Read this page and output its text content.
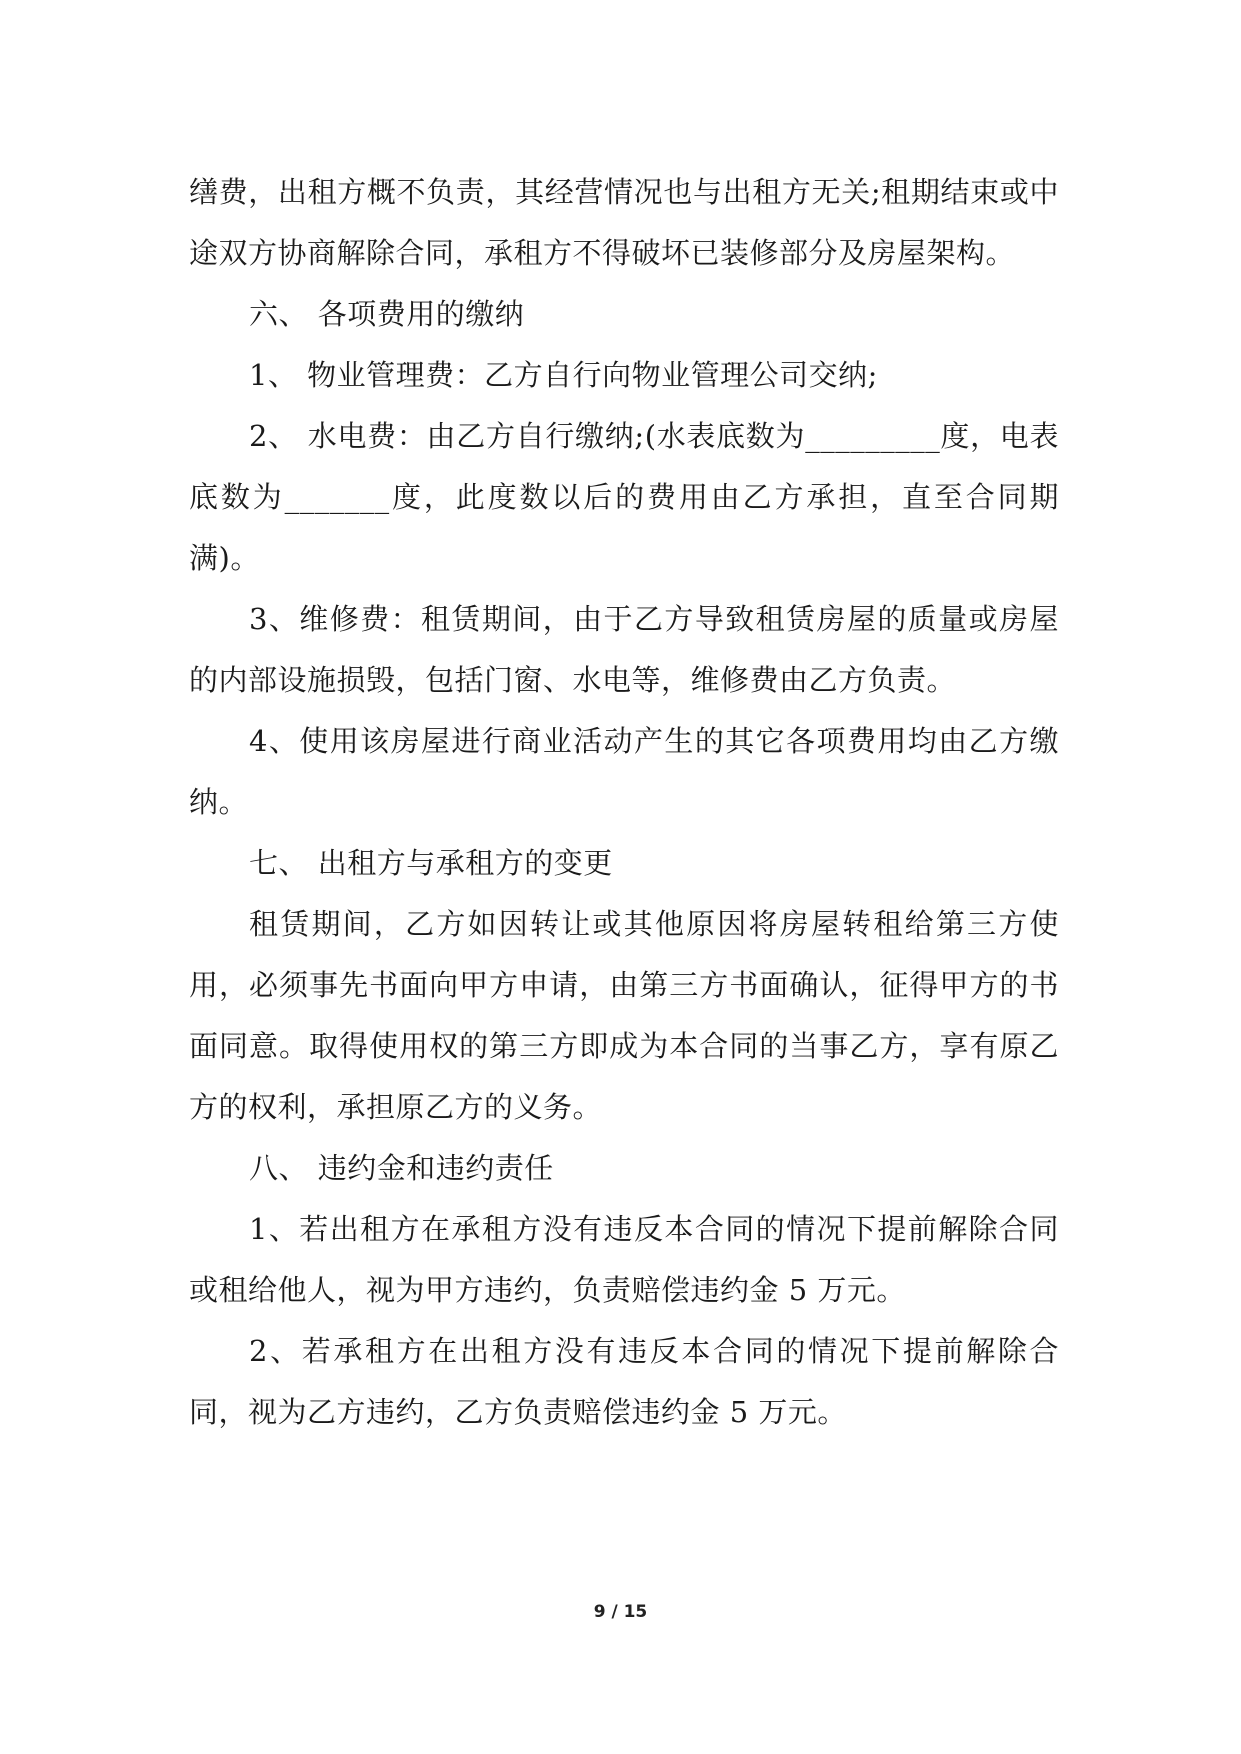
缮费，出租方概不负责，其经营情况也与出租方无关;租期结束或中途双方协商解除合同，承租方不得破坏已装修部分及房屋架构。

六、 各项费用的缴纳

1、 物业管理费：乙方自行向物业管理公司交纳;

2、 水电费：由乙方自行缴纳;(水表底数为_________度，电表底数为_______度，此度数以后的费用由乙方承担，直至合同期满)。

3、维修费：租赁期间，由于乙方导致租赁房屋的质量或房屋的内部设施损毁，包括门窗、水电等，维修费由乙方负责。

4、使用该房屋进行商业活动产生的其它各项费用均由乙方缴纳。

七、 出租方与承租方的变更

租赁期间，乙方如因转让或其他原因将房屋转租给第三方使用，必须事先书面向甲方申请，由第三方书面确认，征得甲方的书面同意。取得使用权的第三方即成为本合同的当事乙方，享有原乙方的权利，承担原乙方的义务。

八、 违约金和违约责任

1、若出租方在承租方没有违反本合同的情况下提前解除合同或租给他人，视为甲方违约，负责赔偿违约金 5 万元。

2、若承租方在出租方没有违反本合同的情况下提前解除合同，视为乙方违约，乙方负责赔偿违约金 5 万元。

9 / 15
